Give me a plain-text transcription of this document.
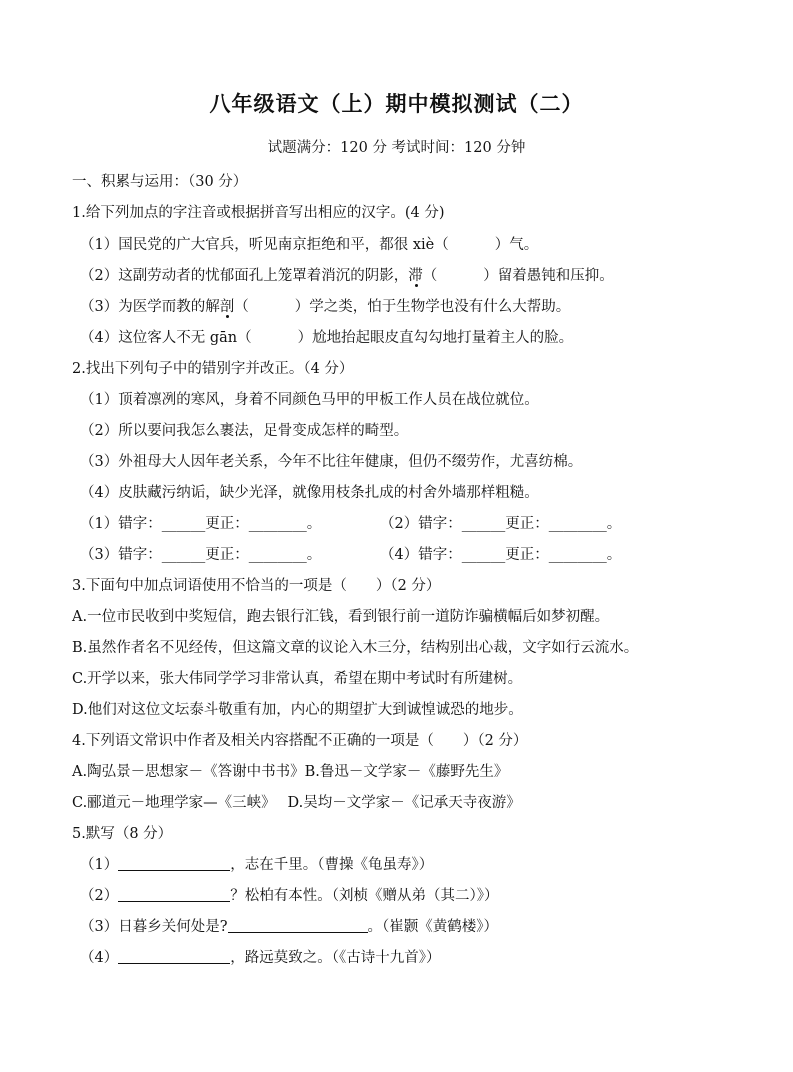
八年级语文（上）期中模拟测试（二）
试题满分：120 分 考试时间：120 分钟
一、积累与运用：（30 分）
1.给下列加点的字注音或根据拼音写出相应的汉字。(4 分)
（1）国民党的广大官兵，听见南京拒绝和平，都很 xiè（	）气。
（2）这副劳动者的忧郁面孔上笼罩着消沉的阴影，滞（	）留着愚钝和压抑。
（3）为医学而教的解剖（	）学之类，怕于生物学也没有什么大帮助。
（4）这位客人不无 gān（	）尬地抬起眼皮直勾勾地打量着主人的脸。
2.找出下列句子中的错别字并改正。（4 分）
（1）顶着凛冽的寒风，身着不同颜色马甲的甲板工作人员在战位就位。
（2）所以要问我怎么裹法，足骨变成怎样的畸型。
（3）外祖母大人因年老关系，今年不比往年健康，但仍不缀劳作，尤喜纺棉。
（4）皮肤藏污纳诟，缺少光泽，就像用枝条扎成的村舍外墙那样粗糙。
（1）错字：______更正：________。	（2）错字：______更正：________。
（3）错字：______更正：________。	（4）错字：______更正：________。
3.下面句中加点词语使用不恰当的一项是（　　）（2 分）
A.一位市民收到中奖短信，跑去银行汇钱，看到银行前一道防诈骗横幅后如梦初醒。
B.虽然作者名不见经传，但这篇文章的议论入木三分，结构别出心裁，文字如行云流水。
C.开学以来，张大伟同学学习非常认真，希望在期中考试时有所建树。
D.他们对这位文坛泰斗敬重有加，内心的期望扩大到诚惶诚恐的地步。
4.下列语文常识中作者及相关内容搭配不正确的一项是（　　）（2 分）
A.陶弘景－思想家－《答谢中书书》B.鲁迅－文学家－《藤野先生》
C.郦道元－地理学家—《三峡》　 D.吴均－文学家－《记承天寺夜游》
5.默写（8 分）
（1）	，志在千里。（曹操《龟虽寿》）
（2）	？松柏有本性。（刘桢《赠从弟（其二）》）
（3）日暮乡关何处是?	。（崔颢《黄鹤楼》）
（4）	，路远莫致之。（《古诗十九首》）
